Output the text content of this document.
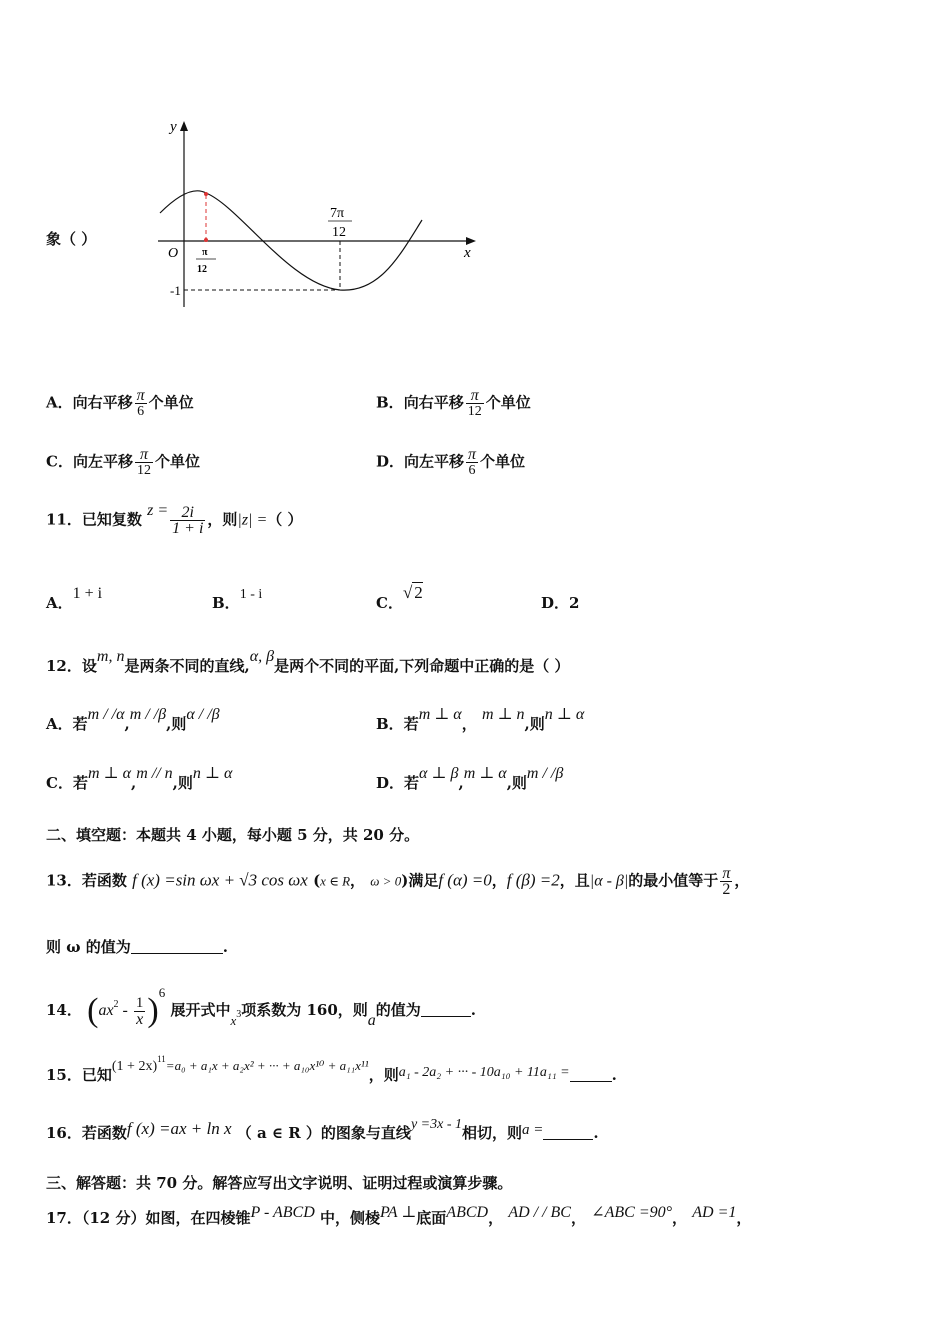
象（ ）
y
x
O
-1
π
12
7π
12
A．向右平移 $\frac{\pi}{6}$ 个单位	B．向右平移 $\frac{\pi}{12}$ 个单位
C．向左平移 $\frac{\pi}{12}$ 个单位	D．向左平移 $\frac{\pi}{6}$ 个单位
11．已知复数 $z = \frac{2i}{1 + i}$ ，则|z| =（ ）
A．1 + i
B．1 - i	C．√ 2
D．2
12．设m, n是两条不同的直线,α, β是两个不同的平面,下列命题中正确的是（ ）
A．若m / /α,m / /β,则α / /β
B．若m ⊥ α， m ⊥ n,则n ⊥ α
C．若m ⊥ α,m // n,则n ⊥ α
D．若α ⊥ β,m ⊥ α,则m / /β
二、填空题：本题共 4 小题，每小题 5 分，共 20 分。
13．若函数 f (x) =sin ωx + √3 cos ωx (x ∈ R， ω > 0)满足f (α) =0，f (β) =2，且|α - β|的最小值等于 $\frac{\pi}{2}$ ，
则 ω 的值为	.
14． $(ax^2 - \frac{1}{x} )6$ 展开式中$x^3$项系数为 160，则a的值为	.
15．已知$(1 + 2x)^{11}=a_0 + a_1x + a_2x^2$ + ··· + a₁₀x¹⁰ + a₁₁x¹¹，则a₁ - 2a₂ + ··· - 10a₁₀ + 11a₁₁ =	.
16．若函数f (x) =ax + ln x （ a ∈ R ）的图象与直线y =3x - 1相切，则a =	.
三、解答题：共 70 分。解答应写出文字说明、证明过程或演算步骤。
17．（12 分）如图，在四棱锥P - ABCD 中，侧棱PA ⊥底面ABCD， AD / / BC， ∠ABC =90°， AD =1，
